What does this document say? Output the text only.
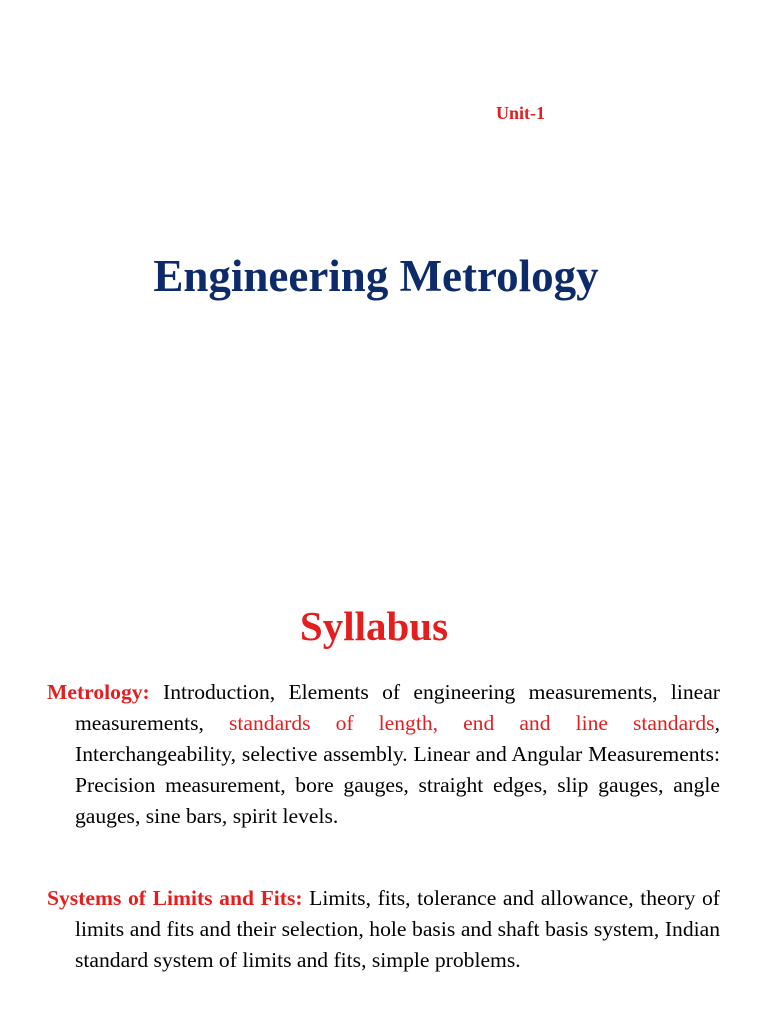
Unit-1
Engineering Metrology
Syllabus

Metrology: Introduction, Elements of engineering measurements, linear measurements, standards of length, end and line standards, Interchangeability, selective assembly. Linear and Angular Measurements: Precision measurement, bore gauges, straight edges, slip gauges, angle gauges, sine bars, spirit levels.

Systems of Limits and Fits: Limits, fits, tolerance and allowance, theory of limits and fits and their selection, hole basis and shaft basis system, Indian standard system of limits and fits, simple problems.
